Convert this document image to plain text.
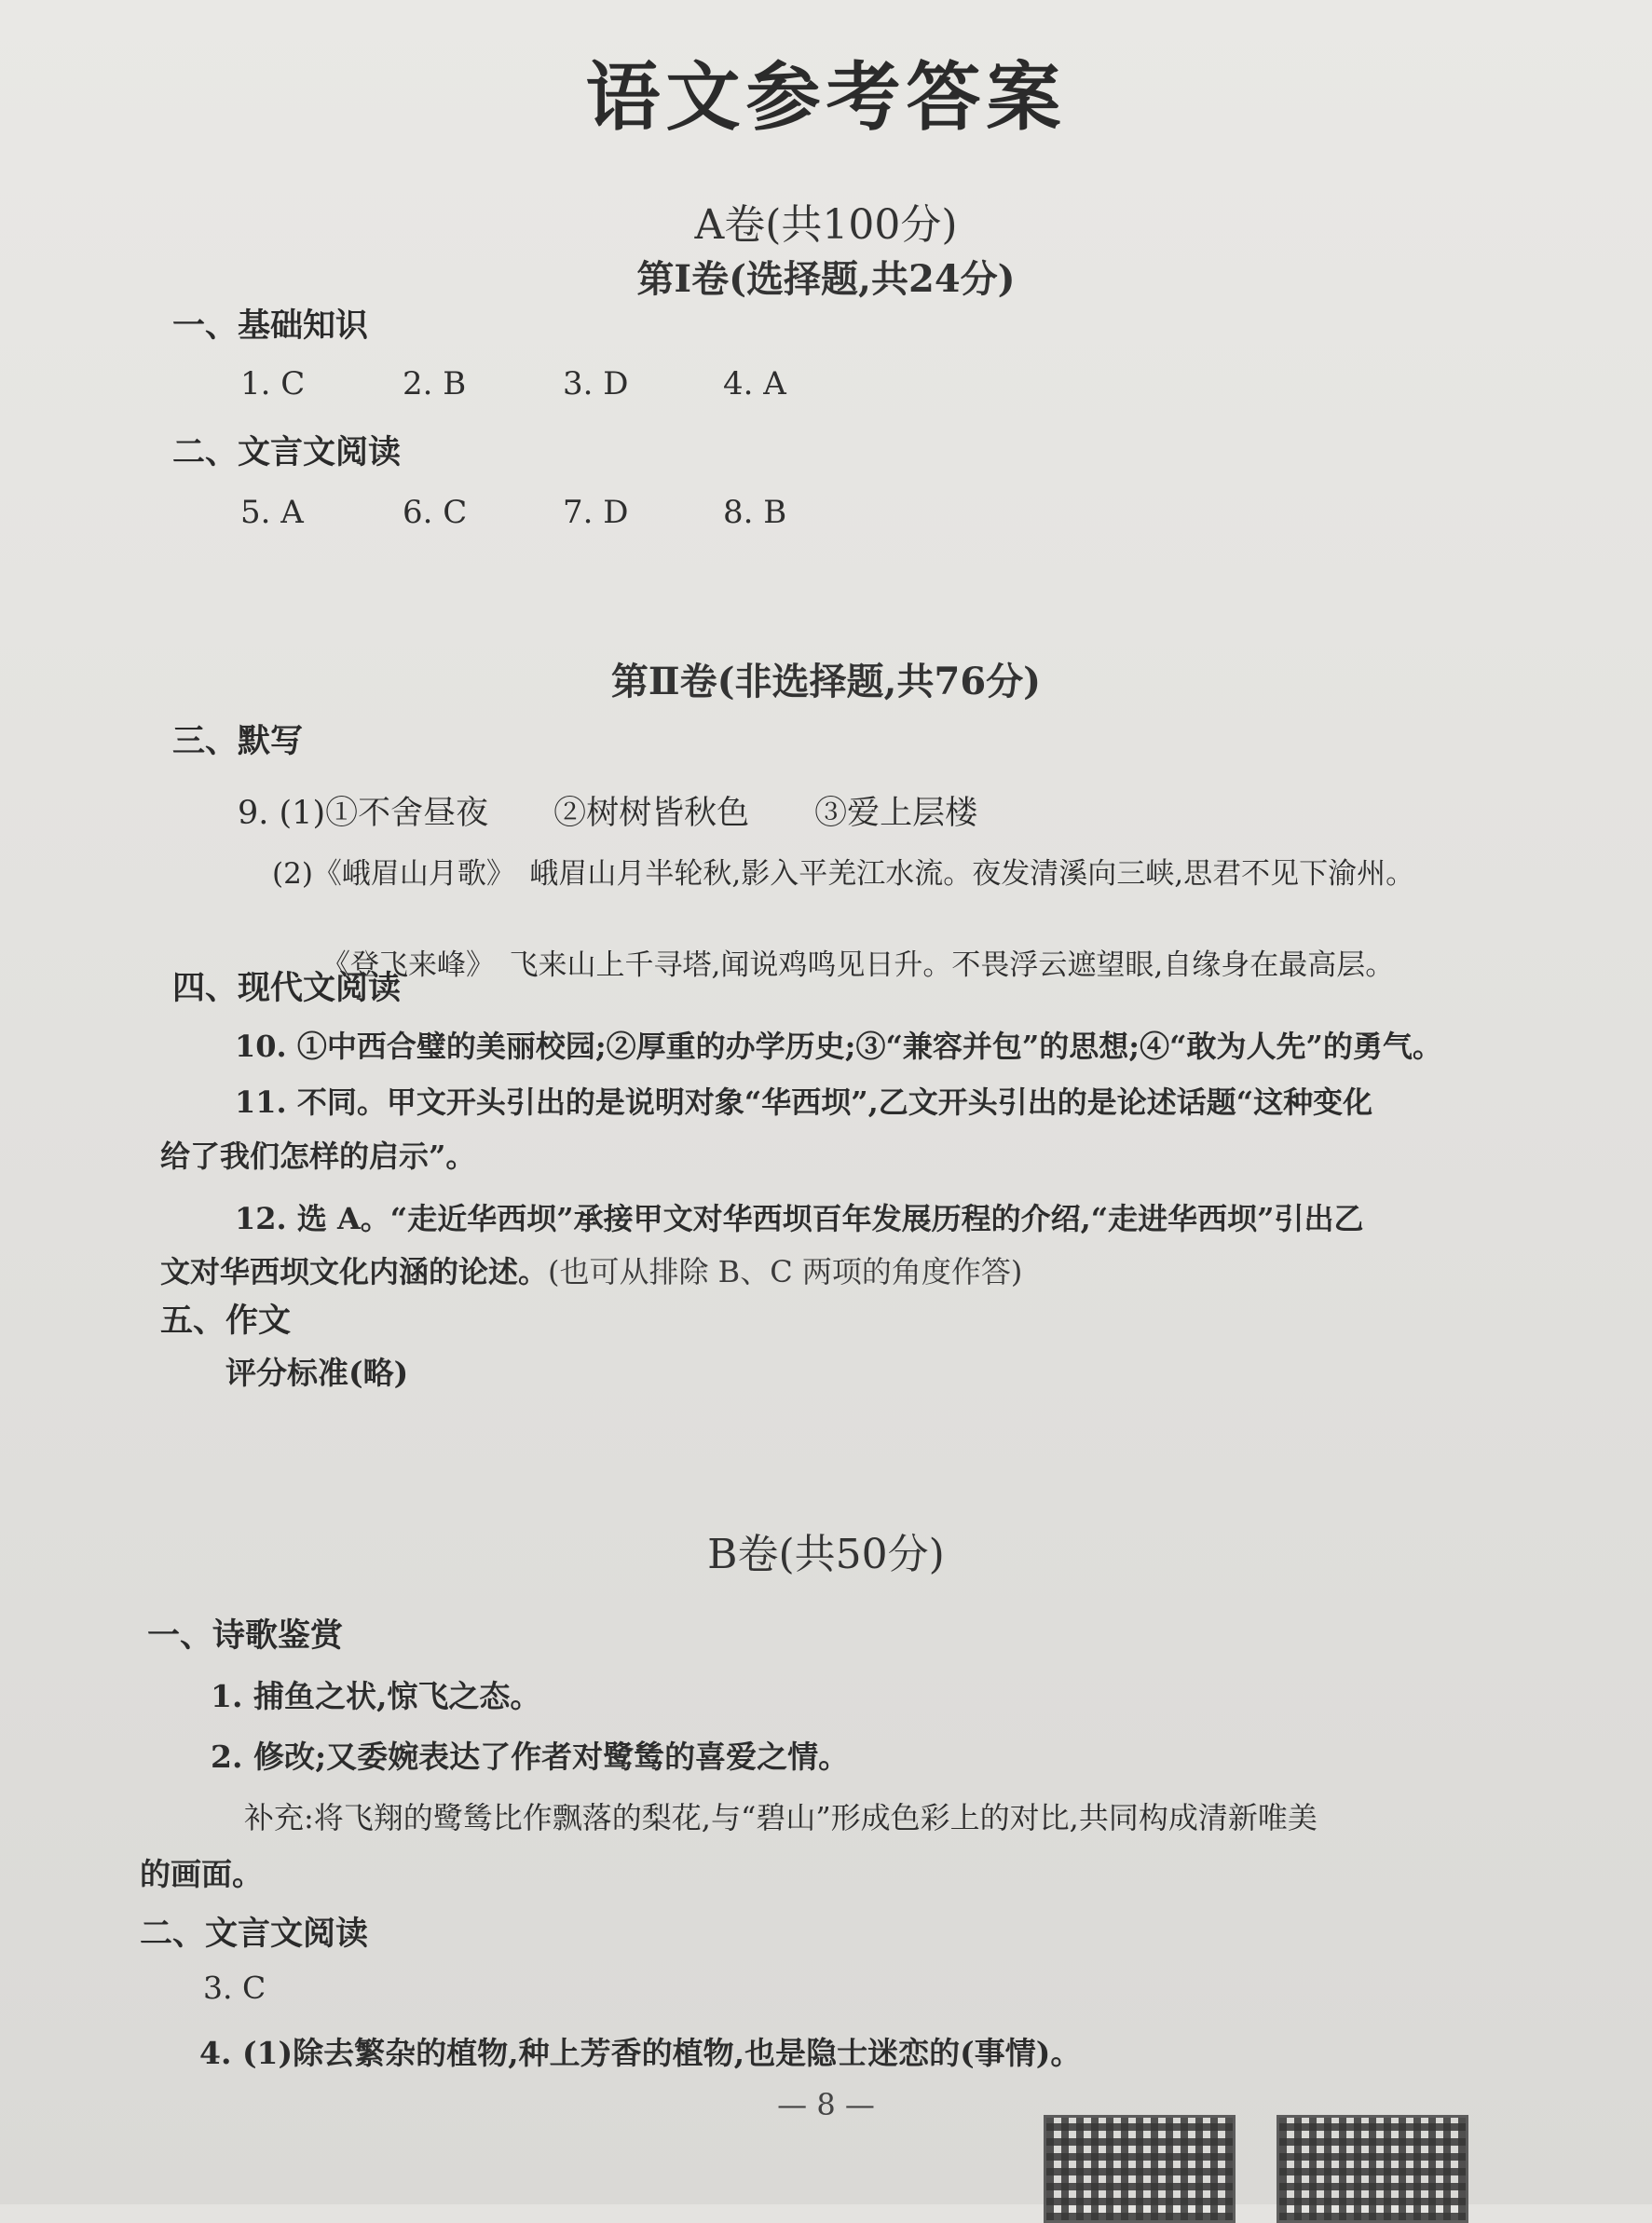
语文参考答案
A卷(共100分)
第Ⅰ卷(选择题,共24分)
一、基础知识
1. C	2. B	3. D	4. A
二、文言文阅读
5. A	6. C	7. D	8. B
第Ⅱ卷(非选择题,共76分)
三、默写
9. (1)①不舍昼夜　　②树树皆秋色　　③爱上层楼
(2)《峨眉山月歌》　峨眉山月半轮秋,影入平羌江水流。夜发清溪向三峡,思君不见下渝州。
《登飞来峰》　飞来山上千寻塔,闻说鸡鸣见日升。不畏浮云遮望眼,自缘身在最高层。
四、现代文阅读
10. ①中西合璧的美丽校园;②厚重的办学历史;③“兼容并包”的思想;④“敢为人先”的勇气。
11. 不同。甲文开头引出的是说明对象“华西坝”,乙文开头引出的是论述话题“这种变化
给了我们怎样的启示”。
12. 选 A。“走近华西坝”承接甲文对华西坝百年发展历程的介绍,“走进华西坝”引出乙
文对华西坝文化内涵的论述。(也可从排除 B、C 两项的角度作答)
五、作文
评分标准(略)
B卷(共50分)
一、诗歌鉴赏
1. 捕鱼之状,惊飞之态。
2. 修改;又委婉表达了作者对鹭鸶的喜爱之情。
补充:将飞翔的鹭鸶比作飘落的梨花,与“碧山”形成色彩上的对比,共同构成清新唯美
的画面。
二、文言文阅读
3. C
4. (1)除去繁杂的植物,种上芳香的植物,也是隐士迷恋的(事情)。
— 8 —
